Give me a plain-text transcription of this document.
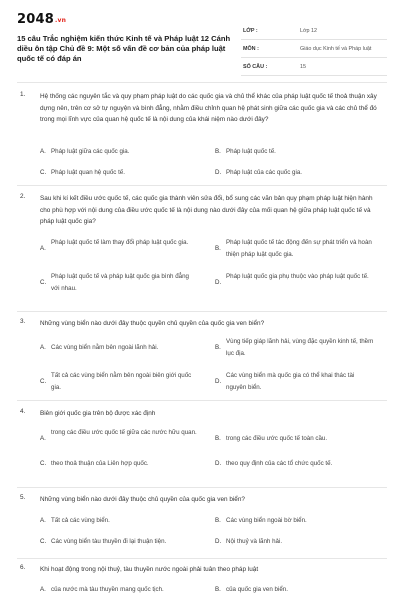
2048.vn
15 câu Trắc nghiệm kiến thức Kinh tế và Pháp luật 12 Cánh diều ôn tập Chủ đề 9: Một số vấn đề cơ bản của pháp luật quốc tế có đáp án
LỚP :	Lớp 12
MÔN :	Giáo dục Kinh tế và Pháp luật
SỐ CÂU :	15
1. Hệ thống các nguyên tắc và quy phạm pháp luật do các quốc gia và chủ thể khác của pháp luật quốc tế thoả thuận xây dựng nên, trên cơ sở tự nguyện và bình đẳng, nhằm điều chỉnh quan hệ phát sinh giữa các quốc gia và các chủ thể đó trong mọi lĩnh vực của quan hệ quốc tế là nội dung của khái niệm nào dưới đây?
A. Pháp luật giữa các quốc gia.	B. Pháp luật quốc tế.
C. Pháp luật quan hệ quốc tế.	D. Pháp luật của các quốc gia.
2. Sau khi kí kết điều ước quốc tế, các quốc gia thành viên sửa đổi, bổ sung các văn bản quy phạm pháp luật hiện hành cho phù hợp với nội dung của điều ước quốc tế là nội dung nào dưới đây của mối quan hệ giữa pháp luật quốc tế và pháp luật quốc gia?
A.
Pháp luật quốc tế làm thay đổi pháp luật quốc gia.
B.
Pháp luật quốc tế tác động đến sự phát triển và hoàn thiện pháp luật quốc gia.
C.
Pháp luật quốc tế và pháp luật quốc gia bình đẳng với nhau.
D.
Pháp luật quốc gia phụ thuộc vào pháp luật quốc tế.
3. Những vùng biển nào dưới đây thuộc quyền chủ quyền của quốc gia ven biển?
A. Các vùng biển nằm bên ngoài lãnh hải.	B.
Vùng tiếp giáp lãnh hải, vùng đặc quyền kinh tế, thềm lục địa.
C.
Tất cả các vùng biển nằm bên ngoài biên giới quốc gia.
D.
Các vùng biển mà quốc gia có thể khai thác tài nguyên biển.
4. Biên giới quốc gia trên bộ được xác định
A.
trong các điều ước quốc tế giữa các nước hữu quan.
B. trong các điều ước quốc tế toàn cầu.
C. theo thoả thuận của Liên hợp quốc.	D. theo quy định của các tổ chức quốc tế.
5. Những vùng biển nào dưới đây thuộc chủ quyền của quốc gia ven biển?
A. Tất cả các vùng biển.	B. Các vùng biển ngoài bờ biển.
C. Các vùng biển tàu thuyền đi lại thuận tiện.	D. Nội thuỷ và lãnh hải.
6. Khi hoạt động trong nội thuỷ, tàu thuyền nước ngoài phải tuân theo pháp luật
A. của nước mà tàu thuyền mang quốc tịch.	B. của quốc gia ven biển.
